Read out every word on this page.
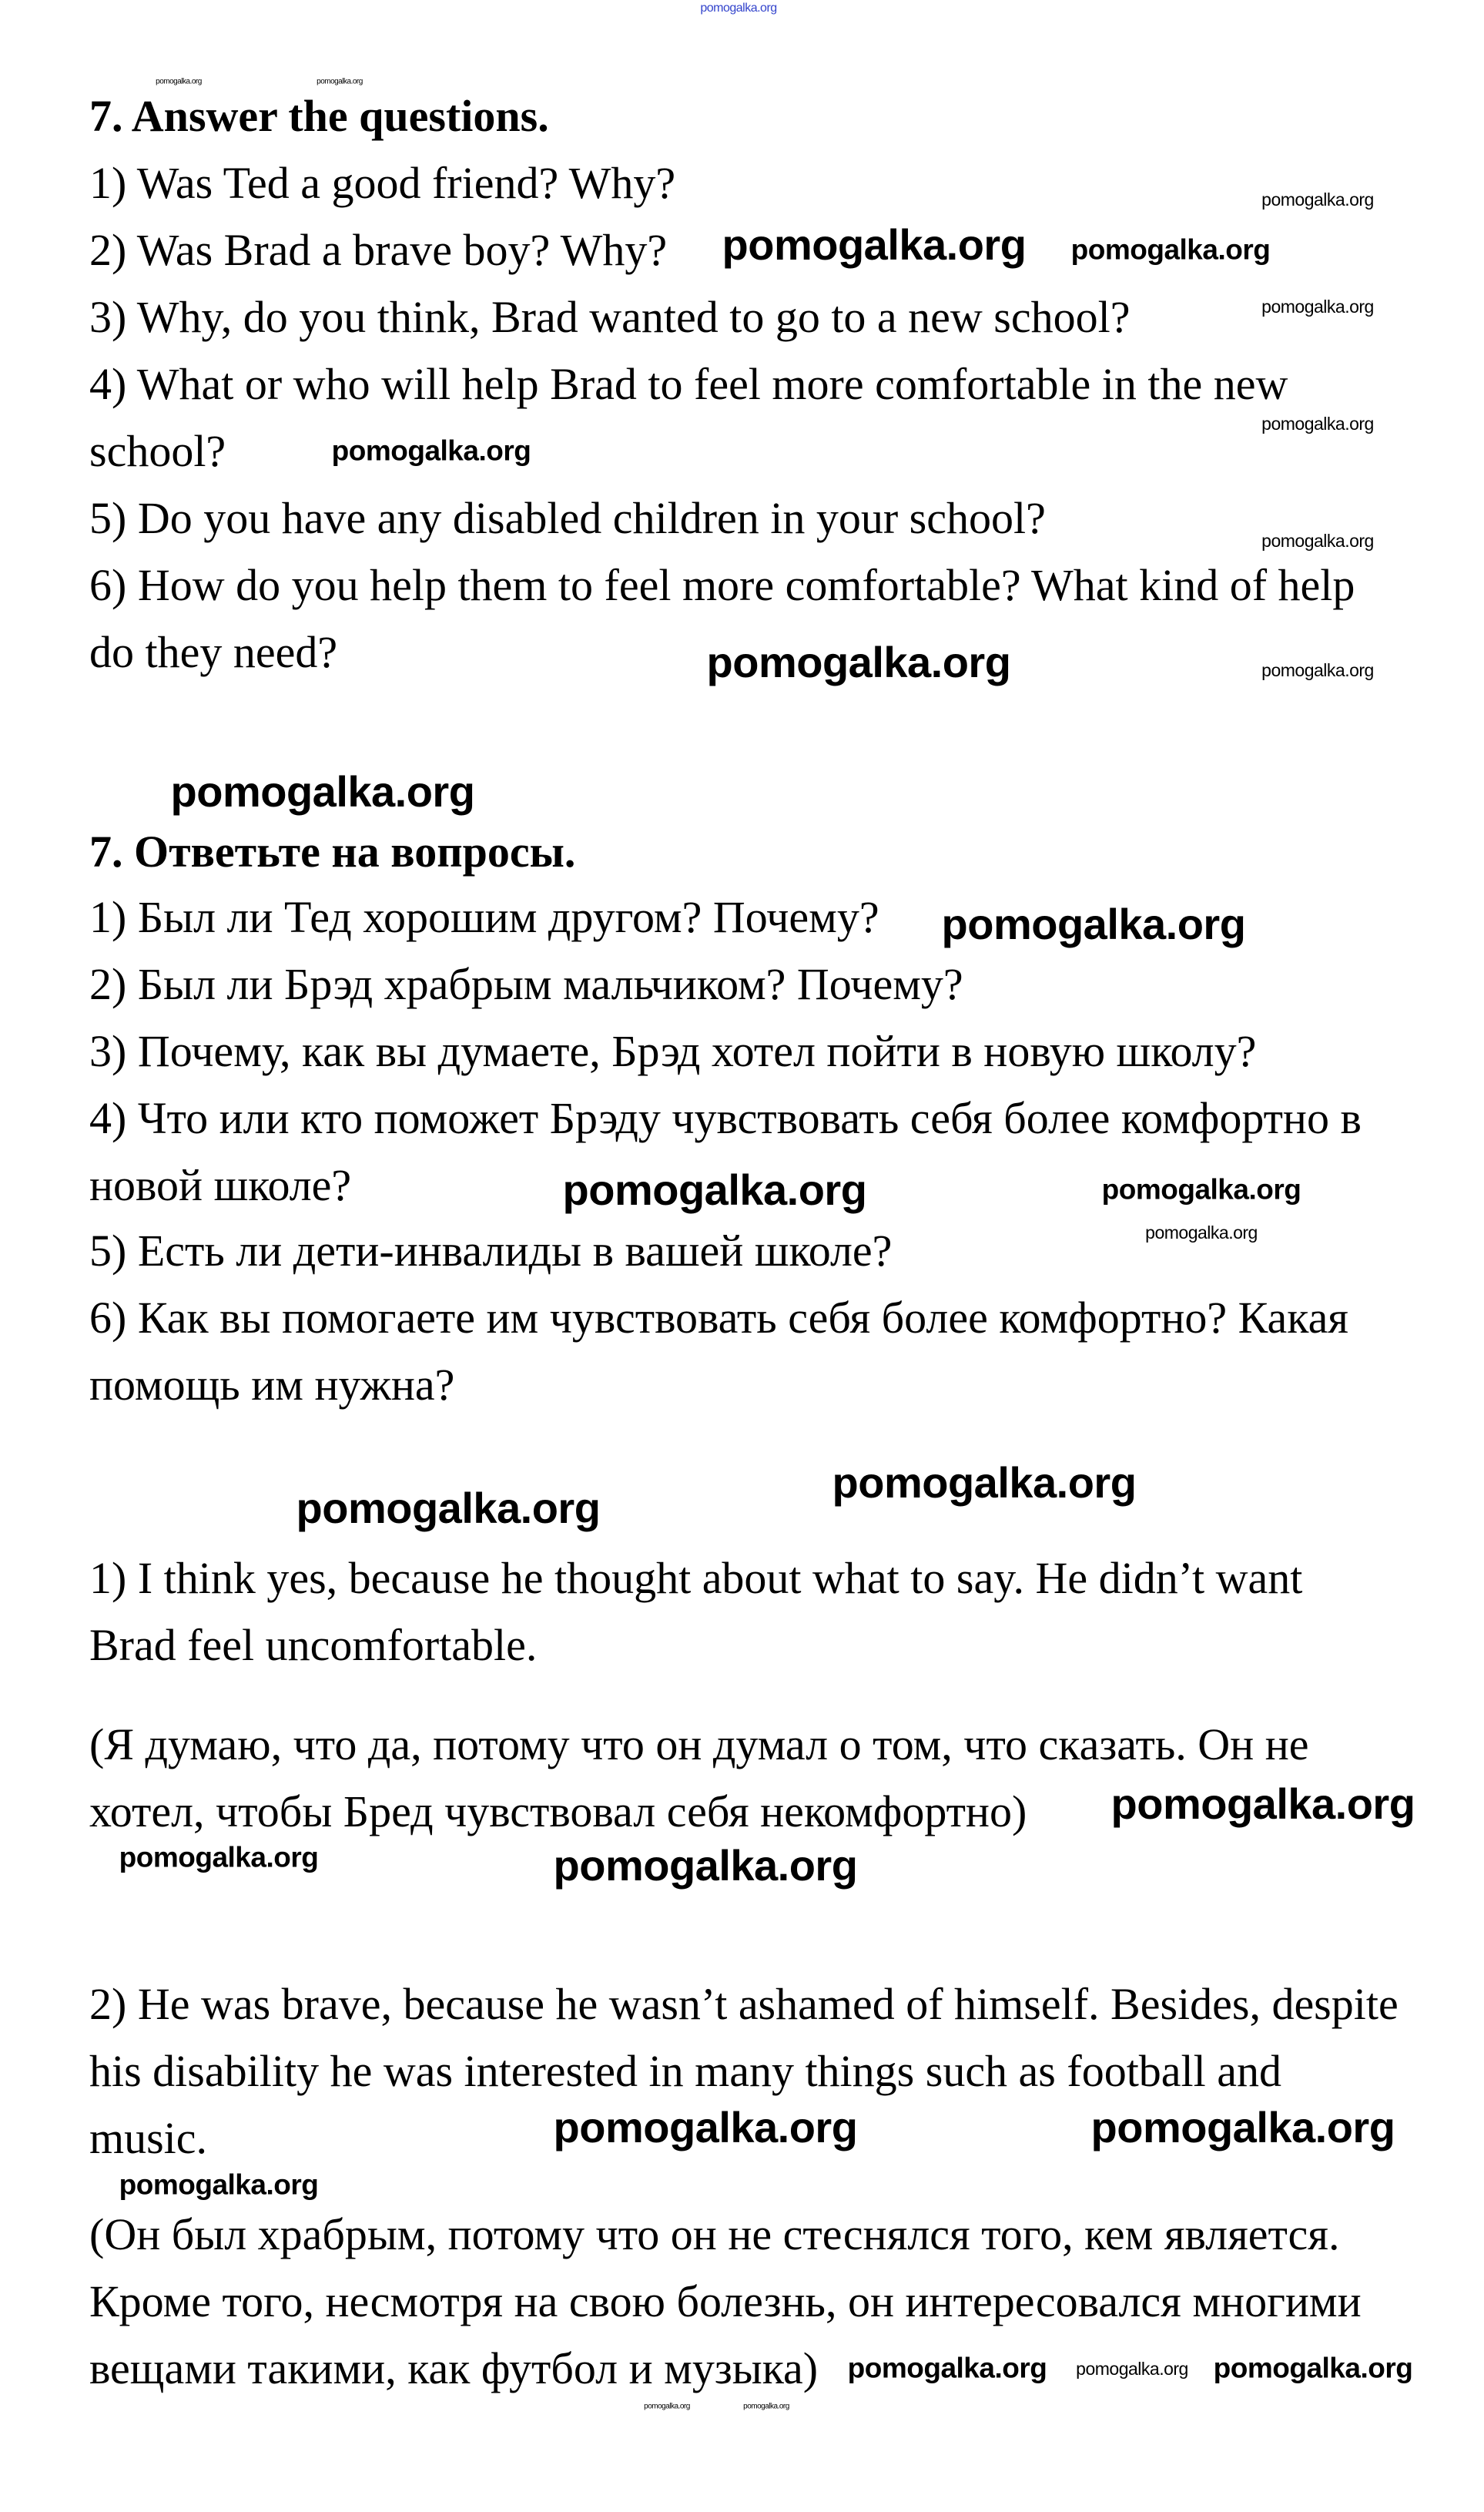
7. Answer the questions.
1) Was Ted a good friend? Why?
2) Was Brad a brave boy? Why?
3) Why, do you think, Brad wanted to go to a new school?
4) What or who will help Brad to feel more comfortable in the new
school?
5) Do you have any disabled children in your school?
6) How do you help them to feel more comfortable? What kind of help
do they need?
7. Ответьте на вопросы.
1) Был ли Тед хорошим другом? Почему?
2) Был ли Брэд храбрым мальчиком? Почему?
3) Почему, как вы думаете, Брэд хотел пойти в новую школу?
4) Что или кто поможет Брэду чувствовать себя более комфортно в
новой школе?
5) Есть ли дети-инвалиды в вашей школе?
6) Как вы помогаете им чувствовать себя более комфортно? Какая
помощь им нужна?
1) I think yes, because he thought about what to say. He didn’t want
Brad feel uncomfortable.
(Я думаю, что да, потому что он думал о том, что сказать. Он не
хотел, чтобы Бред чувствовал себя некомфортно)
2) He was brave, because he wasn’t ashamed of himself. Besides, despite
his disability he was interested in many things such as football and
music.
(Он был храбрым, потому что он не стеснялся того, кем является.
Кроме того, несмотря на свою болезнь, он интересовался многими
вещами такими, как футбол и музыка)
pomogalka.org
pomogalka.org	pomogalka.org
pomogalka.org
pomogalka.org
pomogalka.org
pomogalka.org
pomogalka.org
pomogalka.org
pomogalka.org
pomogalka.org	pomogalka.org
pomogalka.org
pomogalka.org
pomogalka.org
pomogalka.org
pomogalka.org
pomogalka.org	pomogalka.org
pomogalka.org
pomogalka.org
pomogalka.org
pomogalka.org
pomogalka.org
pomogalka.org
pomogalka.org
pomogalka.org
pomogalka.org
pomogalka.org	pomogalka.org
